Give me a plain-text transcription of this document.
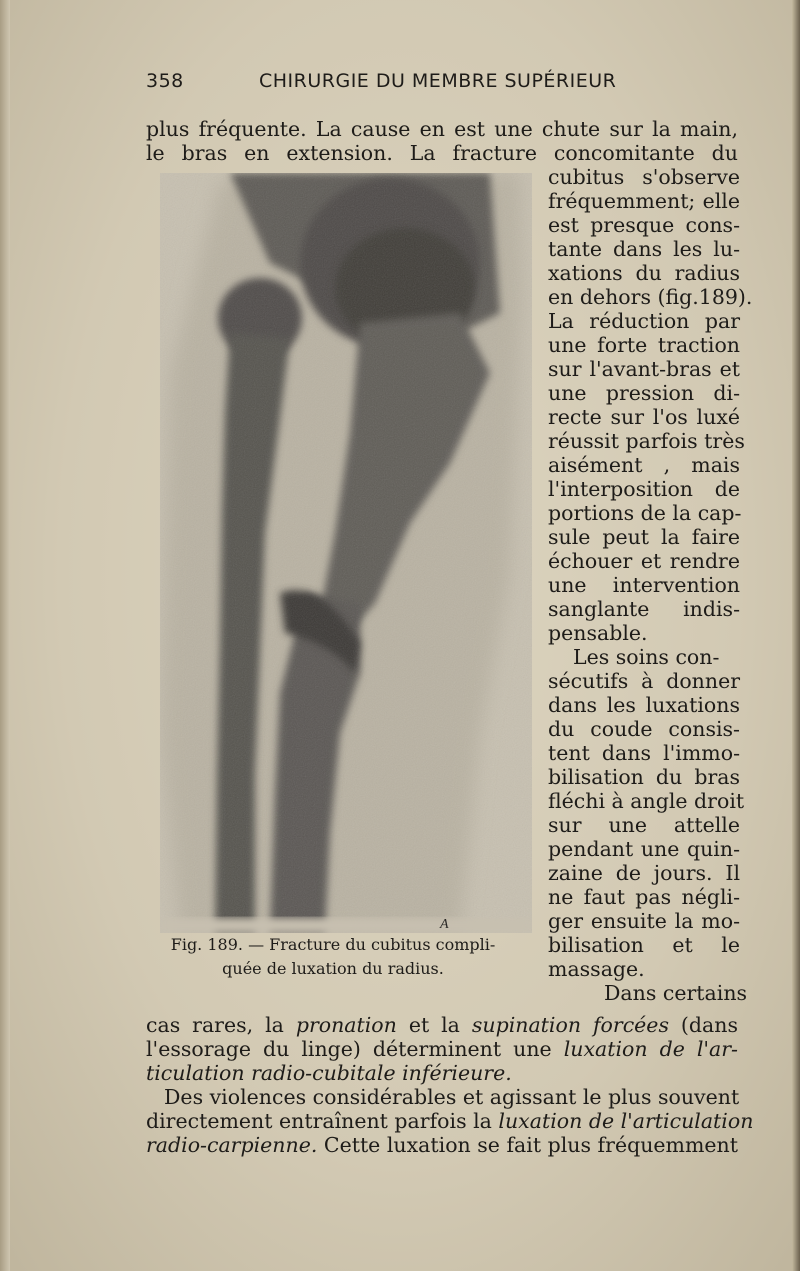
358	CHIRURGIE DU MEMBRE SUPÉRIEUR
plus fréquente. La cause en est une chute sur la main,
le bras en extension. La fracture concomitante du
cubitus s'observe
fréquemment; elle
est presque cons-
tante dans les lu-
xations du radius
en dehors (fig.189).
La réduction par
une forte traction
sur l'avant-bras et
une pression di-
recte sur l'os luxé
réussit parfois très
aisément , mais
l'interposition de
portions de la cap-
sule peut la faire
échouer et rendre
une intervention
sanglante indis-
pensable.
Les soins con-
sécutifs à donner
dans les luxations
du coude consis-
tent dans l'immo-
bilisation du bras
fléchi à angle droit
sur une attelle
pendant une quin-
zaine de jours. Il
ne faut pas négli-
ger ensuite la mo-
bilisation et le
massage.
Dans certains
A
Fig. 189. — Fracture du cubitus compli-
quée de luxation du radius.
cas rares, la pronation et la supination forcées (dans
l'essorage du linge) déterminent une luxation de l'ar-
ticulation radio-cubitale inférieure.
Des violences considérables et agissant le plus souvent
directement entraînent parfois la luxation de l'articulation
radio-carpienne. Cette luxation se fait plus fréquemment
